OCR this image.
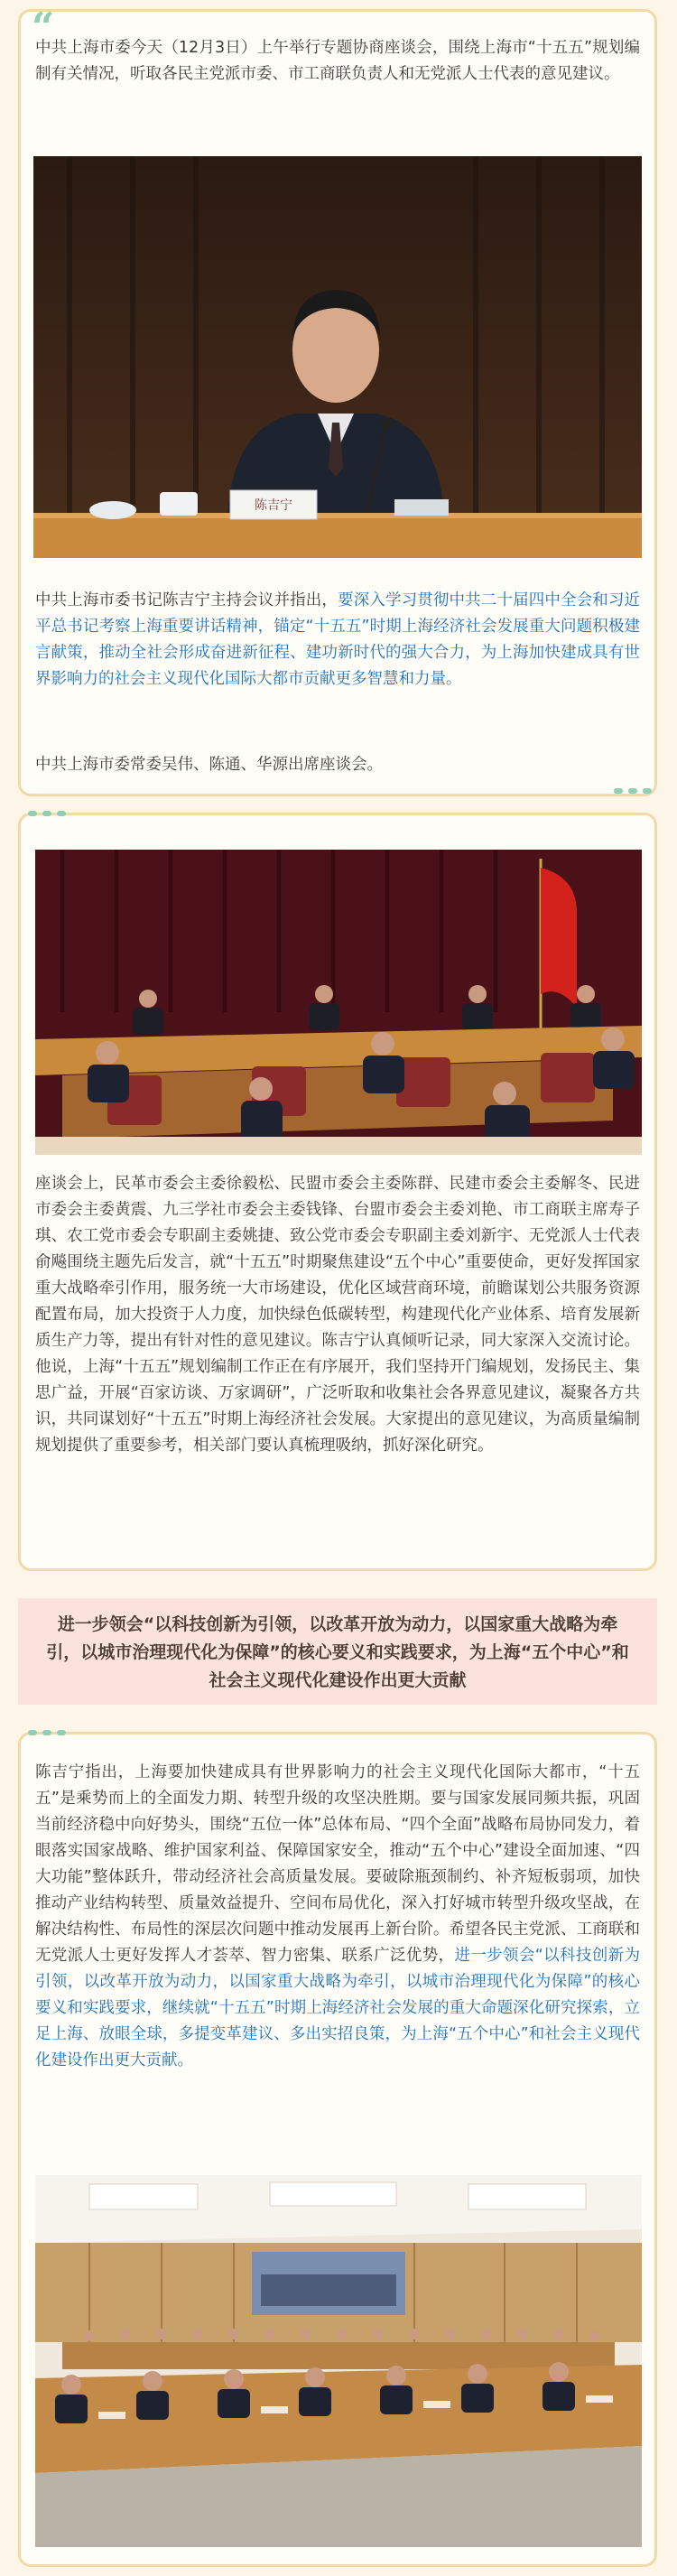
“

中共上海市委今天（12月3日）上午举行专题协商座谈会，围绕上海市“十五五”规划编制有关情况，听取各民主党派市委、市工商联负责人和无党派人士代表的意见建议。

陈吉宁

中共上海市委书记陈吉宁主持会议并指出，要深入学习贯彻中共二十届四中全会和习近平总书记考察上海重要讲话精神，锚定“十五五”时期上海经济社会发展重大问题积极建言献策，推动全社会形成奋进新征程、建功新时代的强大合力，为上海加快建成具有世界影响力的社会主义现代化国际大都市贡献更多智慧和力量。

中共上海市委常委吴伟、陈通、华源出席座谈会。

座谈会上，民革市委会主委徐毅松、民盟市委会主委陈群、民建市委会主委解冬、民进市委会主委黄震、九三学社市委会主委钱锋、台盟市委会主委刘艳、市工商联主席寿子琪、农工党市委会专职副主委姚捷、致公党市委会专职副主委刘新宇、无党派人士代表俞飚围绕主题先后发言，就“十五五”时期聚焦建设“五个中心”重要使命，更好发挥国家重大战略牵引作用，服务统一大市场建设，优化区域营商环境，前瞻谋划公共服务资源配置布局，加大投资于人力度，加快绿色低碳转型，构建现代化产业体系、培育发展新质生产力等，提出有针对性的意见建议。陈吉宁认真倾听记录，同大家深入交流讨论。他说，上海“十五五”规划编制工作正在有序展开，我们坚持开门编规划，发扬民主、集思广益，开展“百家访谈、万家调研”，广泛听取和收集社会各界意见建议，凝聚各方共识，共同谋划好“十五五”时期上海经济社会发展。大家提出的意见建议，为高质量编制规划提供了重要参考，相关部门要认真梳理吸纳，抓好深化研究。

进一步领会“以科技创新为引领，以改革开放为动力，以国家重大战略为牵引，以城市治理现代化为保障”的核心要义和实践要求，为上海“五个中心”和社会主义现代化建设作出更大贡献

陈吉宁指出，上海要加快建成具有世界影响力的社会主义现代化国际大都市，“十五五”是乘势而上的全面发力期、转型升级的攻坚决胜期。要与国家发展同频共振，巩固当前经济稳中向好势头，围绕“五位一体”总体布局、“四个全面”战略布局协同发力，着眼落实国家战略、维护国家利益、保障国家安全，推动“五个中心”建设全面加速、“四大功能”整体跃升，带动经济社会高质量发展。要破除瓶颈制约、补齐短板弱项，加快推动产业结构转型、质量效益提升、空间布局优化，深入打好城市转型升级攻坚战，在解决结构性、布局性的深层次问题中推动发展再上新台阶。希望各民主党派、工商联和无党派人士更好发挥人才荟萃、智力密集、联系广泛优势，进一步领会“以科技创新为引领，以改革开放为动力，以国家重大战略为牵引，以城市治理现代化为保障”的核心要义和实践要求，继续就“十五五”时期上海经济社会发展的重大命题深化研究探索，立足上海、放眼全球，多提变革建议、多出实招良策，为上海“五个中心”和社会主义现代化建设作出更大贡献。
